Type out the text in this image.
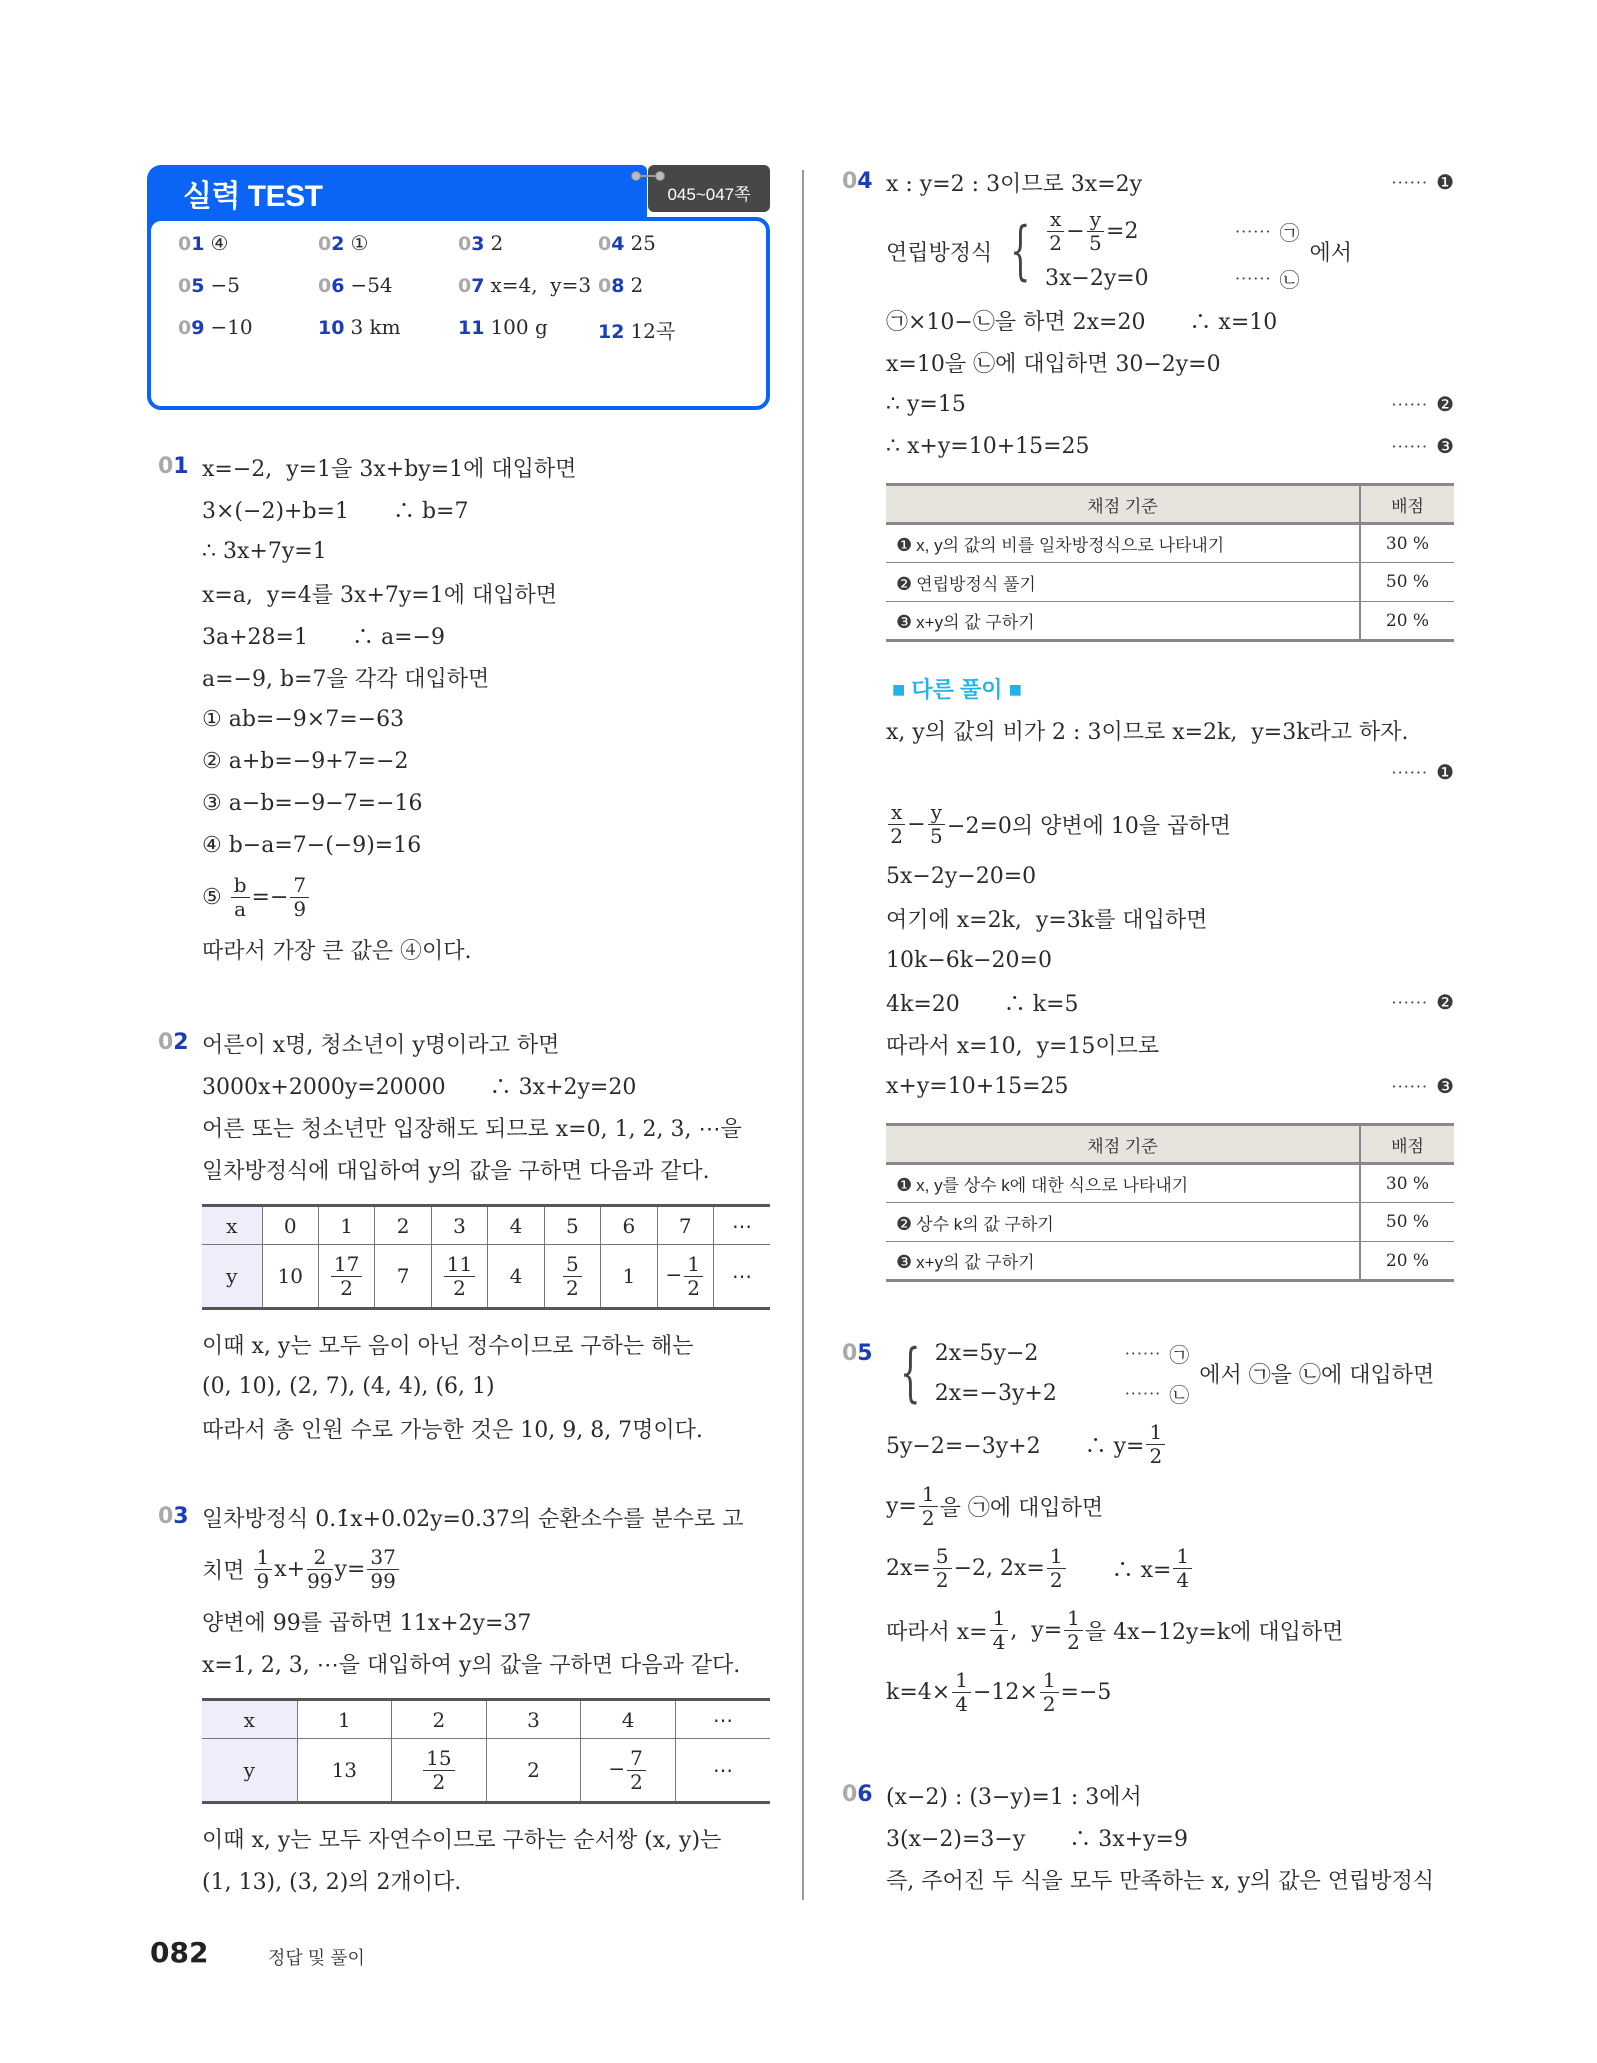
실력 TEST
01 ④	02 ①	03 2	04 25
05 −5	06 −54	07 x=4,  y=3 08 2
09 −10	10 3 km	11 100 g	12 12곡
045~047쪽
01 x=−2,  y=1을 3x+by=1에 대입하면
3×(−2)+b=1　　∴ b=7
∴ 3x+7y=1
x=a,  y=4를 3x+7y=1에 대입하면
3a+28=1　　∴ a=−9
a=−9, b=7을 각각 대입하면
① ab=−9×7=−63
② a+b=−9+7=−2
③ a−b=−9−7=−16
④ b−a=7−(−9)=16
⑤ $\frac{b}{a} =- \frac{7}{9}$
따라서 가장 큰 값은 ④이다.
02 어른이 x명, 청소년이 y명이라고 하면
3000x+2000y=20000　　∴ 3x+2y=20
어른 또는 청소년만 입장해도 되므로 x=0, 1, 2, 3, ⋯을
일차방정식에 대입하여 y의 값을 구하면 다음과 같다.
x	0	1	2	3	4	5	6	7	⋯
y	10	$\frac{17}{2}$	7	$\frac{11}{2}$	4	$\frac{5}{2}$	1	− $\frac{1}{2}$	⋯
이때 x, y는 모두 음이 아닌 정수이므로 구하는 해는
(0, 10), (2, 7), (4, 4), (6, 1)
따라서 총 인원 수로 가능한 것은 10, 9, 8, 7명이다.
03 일차방정식 0.1̇x+0.0̇2̇y=0.3̇7̇의 순환소수를 분수로 고
치면 $\frac{1}{9} x+ \frac{2}{99} y= \frac{37}{99}$
양변에 99를 곱하면 11x+2y=37
x=1, 2, 3, ⋯을 대입하여 y의 값을 구하면 다음과 같다.
x	1	2	3	4	⋯
y	13	$\frac{15}{2}$	2	− $\frac{7}{2}$	⋯
이때 x, y는 모두 자연수이므로 구하는 순서쌍 (x, y)는
(1, 13), (3, 2)의 2개이다.
04 x : y=2 : 3이므로 3x=2y	······ ❶
연립방정식 { $\frac{x}{2} - \frac{y}{5} =2$	······ ㉠
3x−2y=0	······ ㉡
에서
㉠×10−㉡을 하면 2x=20　　∴ x=10
x=10을 ㉡에 대입하면 30−2y=0
∴ y=15	······ ❷
∴ x+y=10+15=25	······ ❸
채점 기준	배점
❶ x, y의 값의 비를 일차방정식으로 나타내기	30 %
❷ 연립방정식 풀기	50 %
❸ x+y의 값 구하기	20 %
■ 다른 풀이 ■
x, y의 값의 비가 2 : 3이므로 x=2k,  y=3k라고 하자.
······ ❶
$\frac{x}{2} - \frac{y}{5} -2=0$의 양변에 10을 곱하면
5x−2y−20=0
여기에 x=2k,  y=3k를 대입하면
10k−6k−20=0
4k=20　　∴ k=5	······ ❷
따라서 x=10,  y=15이므로
x+y=10+15=25	······ ❸
채점 기준	배점
❶ x, y를 상수 k에 대한 식으로 나타내기	30 %
❷ 상수 k의 값 구하기	50 %
❸ x+y의 값 구하기	20 %
05 { 2x=5y−2	······ ㉠
2x=−3y+2	······ ㉡
에서 ㉠을 ㉡에 대입하면
5y−2=−3y+2　　∴ $y= \frac{1}{2}$
$y= \frac{1}{2}$ 을 ㉠에 대입하면
$2x= \frac{5}{2} -2$, $2x= \frac{1}{2}$ 　　∴ $x= \frac{1}{4}$
따라서 $x= \frac{1}{4}$ ,  $y= \frac{1}{2}$ 을 4x−12y=k에 대입하면
$k=4\times \frac{1}{4} -12\times \frac{1}{2} =-5$
06 (x−2) : (3−y)=1 : 3에서
3(x−2)=3−y　　∴ 3x+y=9
즉, 주어진 두 식을 모두 만족하는 x, y의 값은 연립방정식
082	정답 및 풀이
